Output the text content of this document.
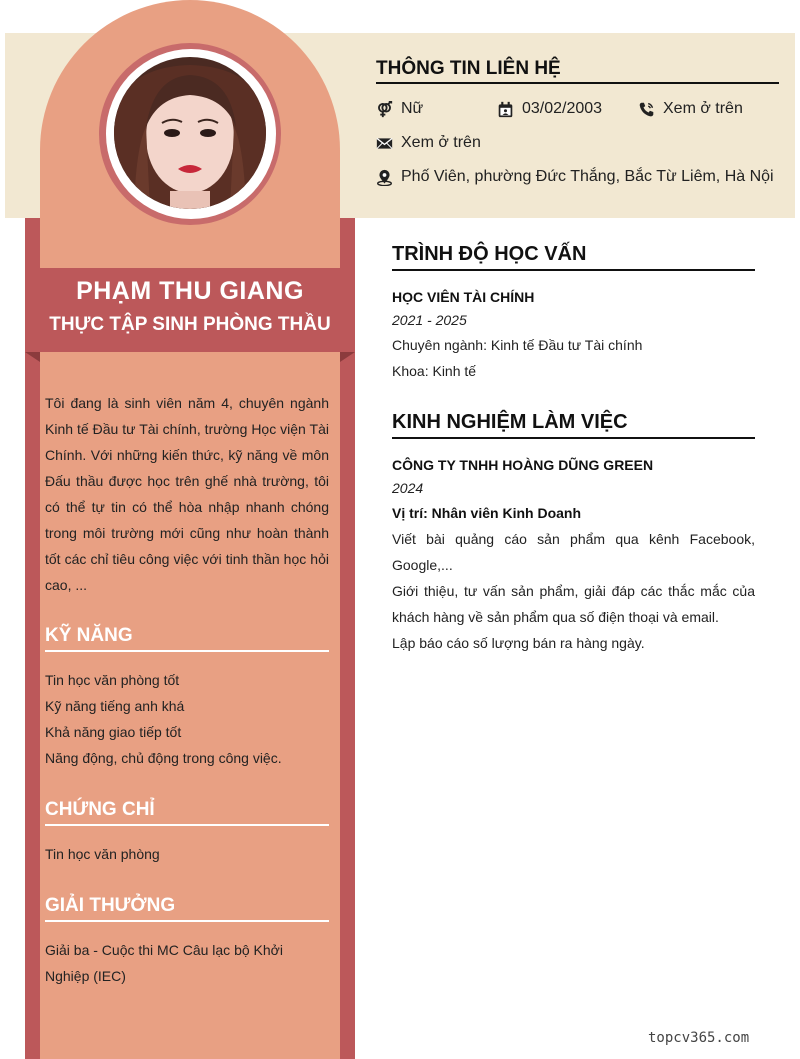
PHẠM THU GIANG
THỰC TẬP SINH PHÒNG THẦU
Tôi đang là sinh viên năm 4, chuyên ngành Kinh tế Đầu tư Tài chính, trường Học viện Tài Chính. Với những kiến thức, kỹ năng về môn Đấu thầu được học trên ghế nhà trường, tôi có thể tự tin có thể hòa nhập nhanh chóng trong môi trường mới cũng như hoàn thành tốt các chỉ tiêu công việc với tinh thần học hỏi cao, ...
KỸ NĂNG
Tin học văn phòng tốt
Kỹ năng tiếng anh khá
Khả năng giao tiếp tốt
Năng động, chủ động trong công việc.
CHỨNG CHỈ
Tin học văn phòng
GIẢI THƯỞNG
Giải ba - Cuộc thi MC Câu lạc bộ Khởi Nghiệp (IEC)
THÔNG TIN LIÊN HỆ
Nữ	03/02/2003	Xem ở trên
Xem ở trên
Phố Viên, phường Đức Thắng, Bắc Từ Liêm, Hà Nội
TRÌNH ĐỘ HỌC VẤN
HỌC VIÊN TÀI CHÍNH
2021 - 2025
Chuyên ngành: Kinh tế Đầu tư Tài chính
Khoa: Kinh tế
KINH NGHIỆM LÀM VIỆC
CÔNG TY TNHH HOÀNG DŨNG GREEN
2024
Vị trí: Nhân viên Kinh Doanh
Viết bài quảng cáo sản phẩm qua kênh Facebook, Google,...
Giới thiệu, tư vấn sản phẩm, giải đáp các thắc mắc của khách hàng về sản phẩm qua số điện thoại và email.
Lập báo cáo số lượng bán ra hàng ngày.
topcv365.com
